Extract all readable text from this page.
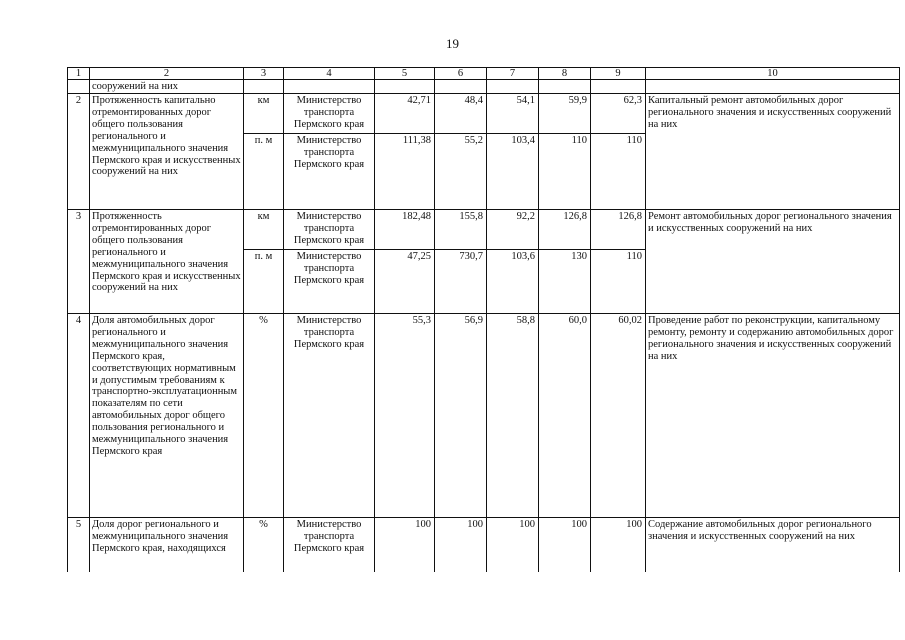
19
1	2	3	4	5	6	7	8	9	10
	сооружений на них								
2	Протяженность капитально отремонтированных дорог общего пользования регионального и межмуниципального значения Пермского края и искусственных сооружений на них	км	Министерство транспорта Пермского края	42,71	48,4	54,1	59,9	62,3	Капитальный ремонт автомобильных дорог регионального значения и искусственных сооружений на них
		п. м	Министерство транспорта Пермского края	111,38	55,2	103,4	110	110	
3	Протяженность отремонтированных дорог общего пользования регионального и межмуниципального значения Пермского края и искусственных сооружений на них	км	Министерство транспорта Пермского края	182,48	155,8	92,2	126,8	126,8	Ремонт автомобильных дорог регионального значения и искусственных сооружений на них
		п. м	Министерство транспорта Пермского края	47,25	730,7	103,6	130	110	
4	Доля автомобильных дорог регионального и межмуниципального значения Пермского края, соответствующих нормативным и допустимым требованиям к транспортно-эксплуатационным показателям по сети автомобильных дорог общего пользования регионального и межмуниципального значения Пермского края	%	Министерство транспорта Пермского края	55,3	56,9	58,8	60,0	60,02	Проведение работ по реконструкции, капитальному ремонту, ремонту и содержанию автомобильных дорог регионального значения и искусственных сооружений на них
5	Доля дорог регионального и межмуниципального значения Пермского края, находящихся	%	Министерство транспорта Пермского края	100	100	100	100	100	Содержание автомобильных дорог регионального значения и искусственных сооружений на них
